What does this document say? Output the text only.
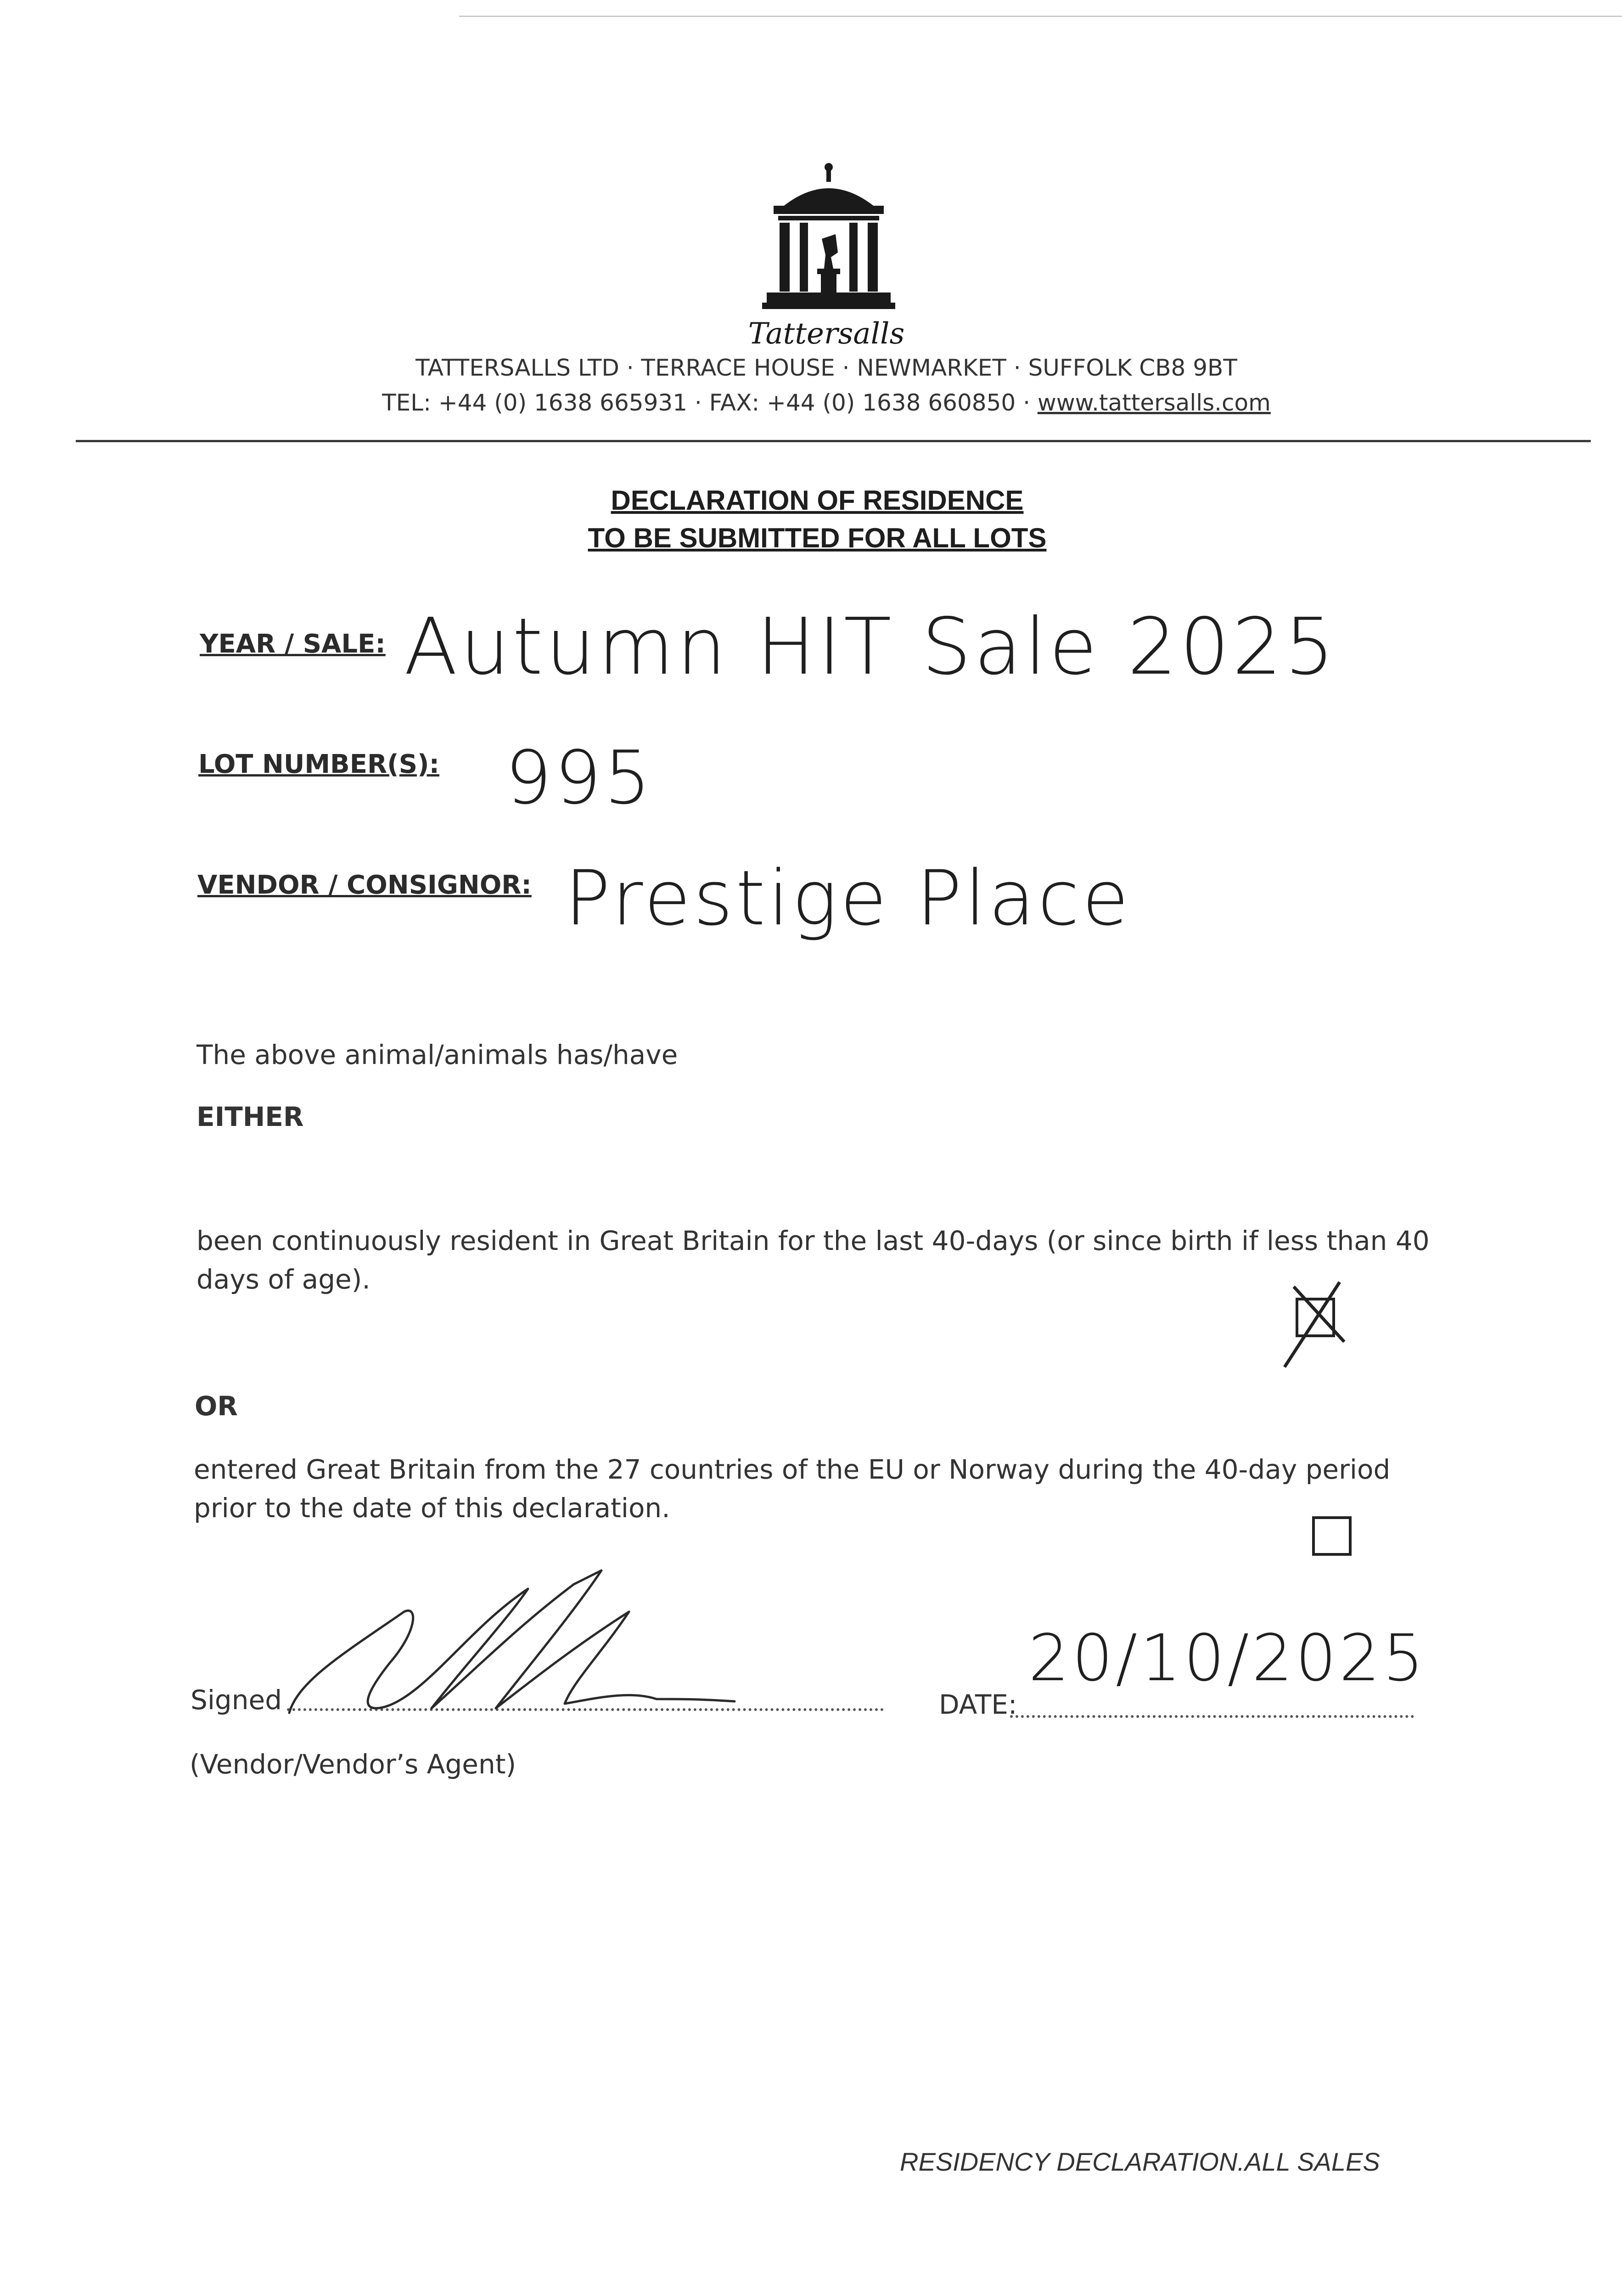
Tattersalls
TATTERSALLS LTD · TERRACE HOUSE · NEWMARKET · SUFFOLK CB8 9BT
TEL: +44 (0) 1638 665931 · FAX: +44 (0) 1638 660850 · www.tattersalls.com
DECLARATION OF RESIDENCE
TO BE SUBMITTED FOR ALL LOTS
YEAR / SALE: Autumn HIT Sale 2025
LOT NUMBER(S): 995
VENDOR / CONSIGNOR: Prestige Place
The above animal/animals has/have
EITHER
been continuously resident in Great Britain for the last 40-days (or since birth if less than 40 days of age).
OR
entered Great Britain from the 27 countries of the EU or Norway during the 40-day period prior to the date of this declaration.
Signed
(Vendor/Vendor’s Agent)
DATE:
20/10/2025
RESIDENCY DECLARATION.ALL SALES
